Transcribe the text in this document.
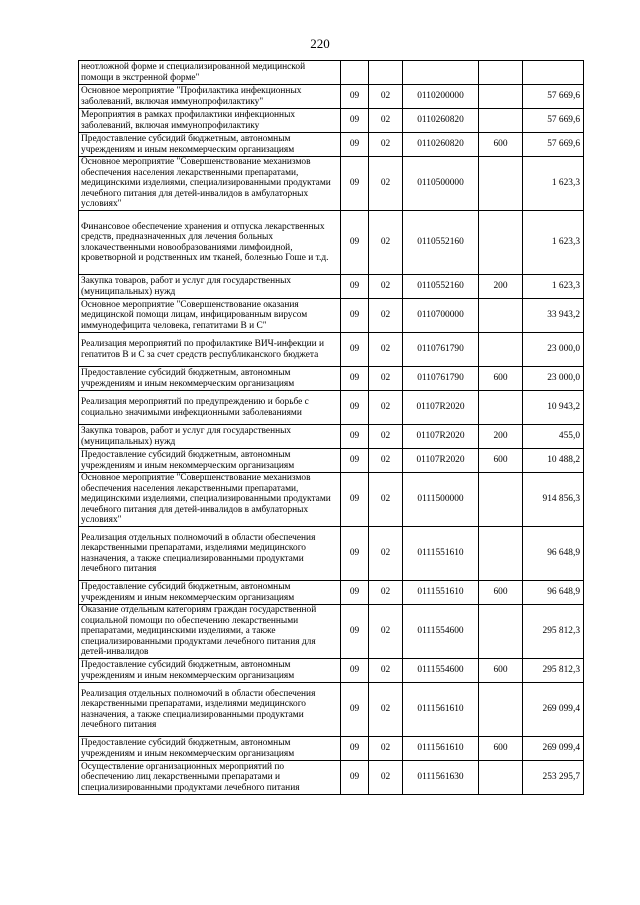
220
неотложной форме и специализированной медицинской помощи в экстренной форме"					
Основное мероприятие "Профилактика инфекционных заболеваний, включая иммунопрофилактику"	09	02	0110200000		57 669,6
Мероприятия в рамках профилактики инфекционных заболеваний, включая иммунопрофилактику	09	02	0110260820		57 669,6
Предоставление субсидий бюджетным, автономным учреждениям и иным некоммерческим организациям	09	02	0110260820	600	57 669,6
Основное мероприятие "Совершенствование механизмов обеспечения населения лекарственными препаратами, медицинскими изделиями, специализированными продуктами лечебного питания для детей-инвалидов в амбулаторных условиях"	09	02	0110500000		1 623,3
Финансовое обеспечение хранения и отпуска лекарственных средств, предназначенных для лечения больных злокачественными новообразованиями лимфоидной, кроветворной и родственных им тканей, болезнью Гоше и т.д.	09	02	0110552160		1 623,3
Закупка товаров, работ и услуг для государственных (муниципальных) нужд	09	02	0110552160	200	1 623,3
Основное мероприятие "Совершенствование оказания медицинской помощи лицам, инфицированным вирусом иммунодефицита человека, гепатитами В и С"	09	02	0110700000		33 943,2
Реализация мероприятий по профилактике ВИЧ-инфекции и гепатитов В и С за счет средств республиканского бюджета	09	02	0110761790		23 000,0
Предоставление субсидий бюджетным, автономным учреждениям и иным некоммерческим организациям	09	02	0110761790	600	23 000,0
Реализация мероприятий по предупреждению и борьбе с социально значимыми инфекционными заболеваниями	09	02	01107R2020		10 943,2
Закупка товаров, работ и услуг для государственных (муниципальных) нужд	09	02	01107R2020	200	455,0
Предоставление субсидий бюджетным, автономным учреждениям и иным некоммерческим организациям	09	02	01107R2020	600	10 488,2
Основное мероприятие "Совершенствование механизмов обеспечения населения лекарственными препаратами, медицинскими изделиями, специализированными продуктами лечебного питания для детей-инвалидов в амбулаторных условиях"	09	02	0111500000		914 856,3
Реализация отдельных полномочий в области обеспечения лекарственными препаратами, изделиями медицинского назначения, а также специализированными продуктами лечебного питания	09	02	0111551610		96 648,9
Предоставление субсидий бюджетным, автономным учреждениям и иным некоммерческим организациям	09	02	0111551610	600	96 648,9
Оказание отдельным категориям граждан государственной социальной помощи по обеспечению лекарственными препаратами, медицинскими изделиями, а также специализированными продуктами лечебного питания для детей-инвалидов	09	02	0111554600		295 812,3
Предоставление субсидий бюджетным, автономным учреждениям и иным некоммерческим организациям	09	02	0111554600	600	295 812,3
Реализация отдельных полномочий в области обеспечения лекарственными препаратами, изделиями медицинского назначения, а также специализированными продуктами лечебного питания	09	02	0111561610		269 099,4
Предоставление субсидий бюджетным, автономным учреждениям и иным некоммерческим организациям	09	02	0111561610	600	269 099,4
Осуществление организационных мероприятий по обеспечению лиц лекарственными препаратами и специализированными продуктами лечебного питания	09	02	0111561630		253 295,7
